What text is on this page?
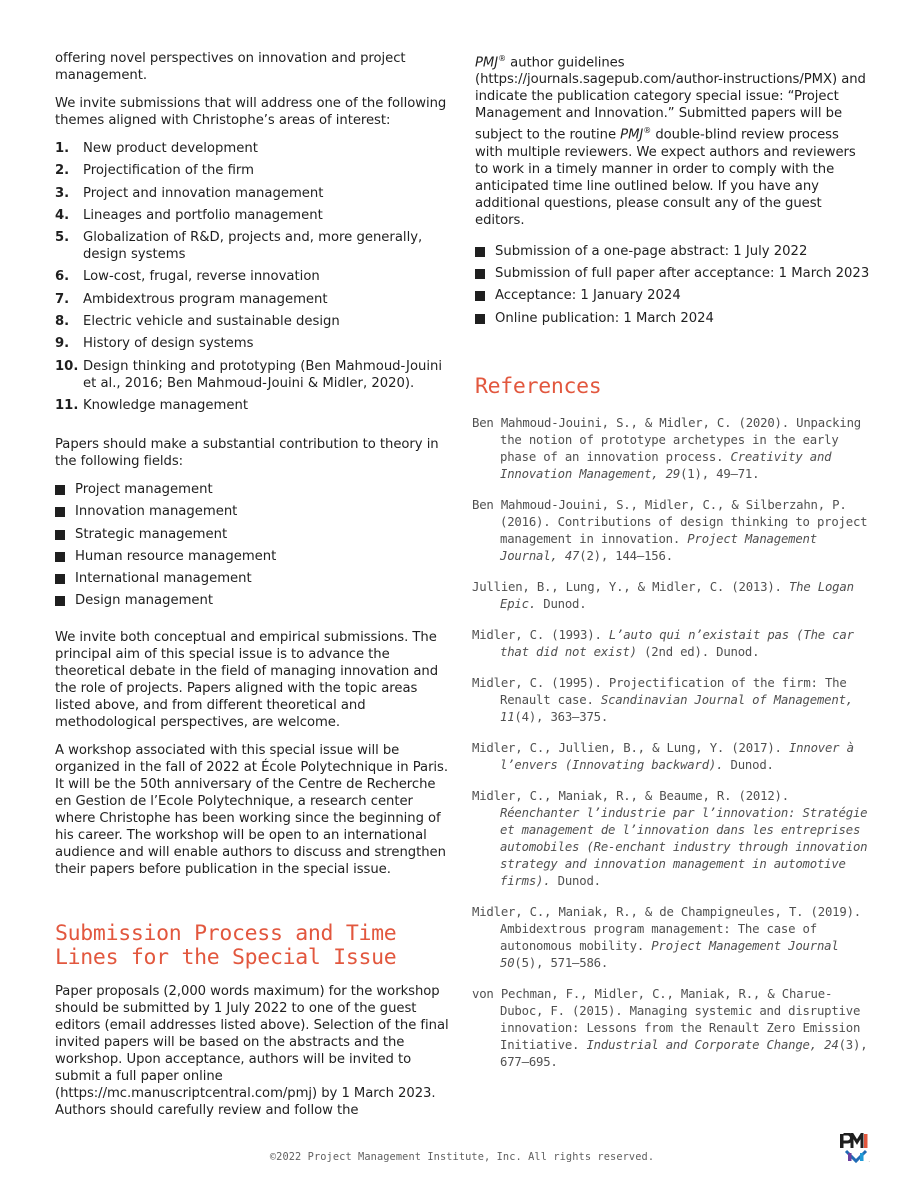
offering novel perspectives on innovation and project management.

We invite submissions that will address one of the following themes aligned with Christophe’s areas of interest:

1. New product development
2. Projectification of the firm
3. Project and innovation management
4. Lineages and portfolio management
5. Globalization of R&D, projects and, more generally, design systems
6. Low-cost, frugal, reverse innovation
7. Ambidextrous program management
8. Electric vehicle and sustainable design
9. History of design systems
10. Design thinking and prototyping (Ben Mahmoud-Jouini et al., 2016; Ben Mahmoud-Jouini & Midler, 2020).
11. Knowledge management

Papers should make a substantial contribution to theory in the following fields:

Project management
Innovation management
Strategic management
Human resource management
International management
Design management

We invite both conceptual and empirical submissions. The principal aim of this special issue is to advance the theoretical debate in the field of managing innovation and the role of projects. Papers aligned with the topic areas listed above, and from different theoretical and methodological perspectives, are welcome.

A workshop associated with this special issue will be organized in the fall of 2022 at École Polytechnique in Paris. It will be the 50th anniversary of the Centre de Recherche en Gestion de l’Ecole Polytechnique, a research center where Christophe has been working since the beginning of his career. The workshop will be open to an international audience and will enable authors to discuss and strengthen their papers before publication in the special issue.

Submission Process and Time Lines for the Special Issue

Paper proposals (2,000 words maximum) for the workshop should be submitted by 1 July 2022 to one of the guest editors (email addresses listed above). Selection of the final invited papers will be based on the abstracts and the workshop. Upon acceptance, authors will be invited to submit a full paper online (https://mc.manuscriptcentral.com/pmj) by 1 March 2023. Authors should carefully review and follow the

PMJ® author guidelines (https://journals.sagepub.com/author-instructions/PMX) and indicate the publication category special issue: “Project Management and Innovation.” Submitted papers will be subject to the routine PMJ® double-blind review process with multiple reviewers. We expect authors and reviewers to work in a timely manner in order to comply with the anticipated time line outlined below. If you have any additional questions, please consult any of the guest editors.

Submission of a one-page abstract: 1 July 2022
Submission of full paper after acceptance: 1 March 2023
Acceptance: 1 January 2024
Online publication: 1 March 2024
References

Ben Mahmoud-Jouini, S., & Midler, C. (2020). Unpacking the notion of prototype archetypes in the early phase of an innovation process. Creativity and Innovation Management, 29(1), 49–71.

Ben Mahmoud-Jouini, S., Midler, C., & Silberzahn, P. (2016). Contributions of design thinking to project management in innovation. Project Management Journal, 47(2), 144–156.

Jullien, B., Lung, Y., & Midler, C. (2013). The Logan Epic. Dunod.

Midler, C. (1993). L’auto qui n’existait pas (The car that did not exist) (2nd ed). Dunod.

Midler, C. (1995). Projectification of the firm: The Renault case. Scandinavian Journal of Management, 11(4), 363–375.

Midler, C., Jullien, B., & Lung, Y. (2017). Innover à l’envers (Innovating backward). Dunod.

Midler, C., Maniak, R., & Beaume, R. (2012). Réenchanter l’industrie par l’innovation: Stratégie et management de l’innovation dans les entreprises automobiles (Re-enchant industry through innovation strategy and innovation management in automotive firms). Dunod.

Midler, C., Maniak, R., & de Champigneules, T. (2019). Ambidextrous program management: The case of autonomous mobility. Project Management Journal 50(5), 571–586.

von Pechman, F., Midler, C., Maniak, R., & Charue-Duboc, F. (2015). Managing systemic and disruptive innovation: Lessons from the Renault Zero Emission Initiative. Industrial and Corporate Change, 24(3), 677–695.

©2022 Project Management Institute, Inc. All rights reserved.	.
